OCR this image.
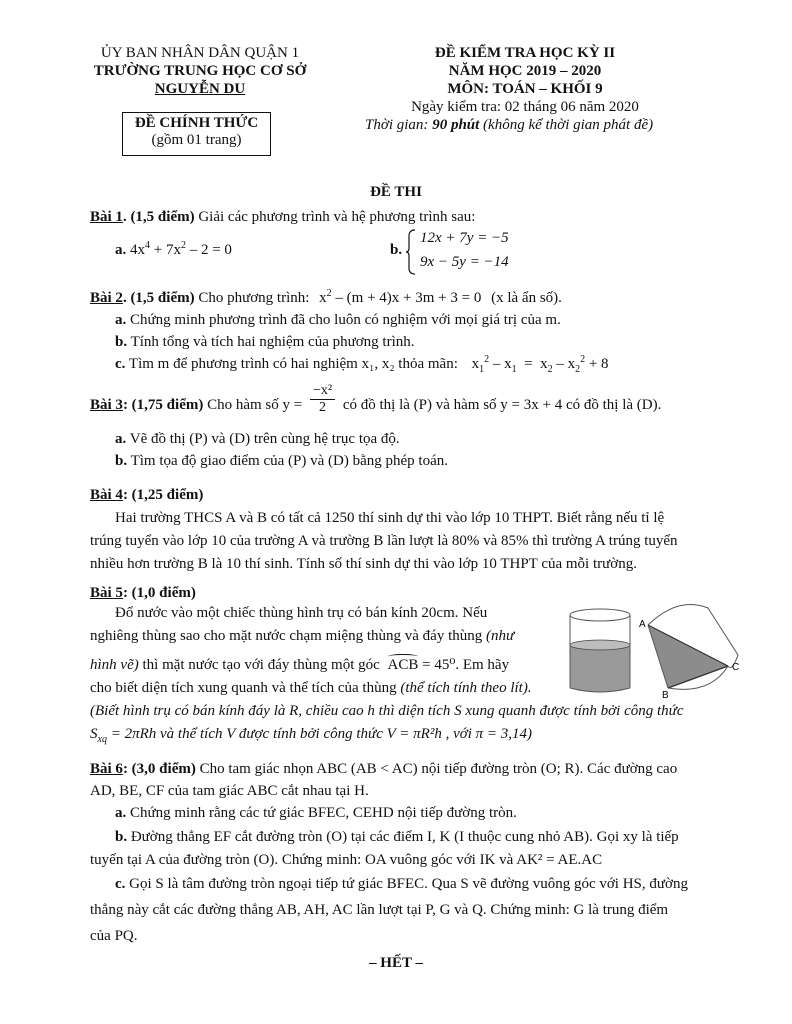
ỦY BAN NHÂN DÂN QUẬN 1
TRƯỜNG TRUNG HỌC CƠ SỞ
NGUYỄN DU
ĐỀ CHÍNH THỨC
(gồm 01 trang)
ĐỀ KIỂM TRA HỌC KỲ II
NĂM HỌC 2019 – 2020
MÔN: TOÁN – KHỐI 9
Ngày kiểm tra: 02 tháng 06 năm 2020
Thời gian: 90 phút (không kể thời gian phát đề)
ĐỀ THI
Bài 1. (1,5 điểm) Giải các phương trình và hệ phương trình sau:
a. $4x^4 + 7x^2 - 2 = 0$	b.
12x + 7y = −5
9x − 5y = −14
Bài 2. (1,5 điểm) Cho phương trình: $x^2 - (m + 4)x + 3m + 3 = 0$ (x là ẩn số).
a. Chứng minh phương trình đã cho luôn có nghiệm với mọi giá trị của m.
b. Tính tổng và tích hai nghiệm của phương trình.
c. Tìm m để phương trình có hai nghiệm x₁, x₂ thỏa mãn: $x_1^2 - x_1 = x_2 - x_2^2 + 8$
Bài 3: (1,75 điểm) Cho hàm số $y = \frac{\text{−x²}}{2}$ có đồ thị là (P) và hàm số y = 3x + 4 có đồ thị là (D).
a. Vẽ đồ thị (P) và (D) trên cùng hệ trục tọa độ.
b. Tìm tọa độ giao điểm của (P) và (D) bằng phép toán.
Bài 4: (1,25 điểm)
Hai trường THCS A và B có tất cả 1250 thí sinh dự thi vào lớp 10 THPT. Biết rằng nếu tỉ lệ
trúng tuyển vào lớp 10 của trường A và trường B lần lượt là 80% và 85% thì trường A trúng tuyển
nhiều hơn trường B là 10 thí sinh. Tính số thí sinh dự thi vào lớp 10 THPT của mỗi trường.
Bài 5: (1,0 điểm)
Đổ nước vào một chiếc thùng hình trụ có bán kính 20cm. Nếu
nghiêng thùng sao cho mặt nước chạm miệng thùng và đáy thùng (như
hình vẽ) thì mặt nước tạo với đáy thùng một góc ACB = 45⁰. Em hãy
cho biết diện tích xung quanh và thể tích của thùng (thể tích tính theo lít).
(Biết hình trụ có bán kính đáy là R, chiều cao h thì diện tích S xung quanh được tính bởi công thức
$S_{xq} = 2\pi Rh$ và thể tích V được tính bởi công thức V = πR²h , với π = 3,14)
A
B
C
Bài 6: (3,0 điểm) Cho tam giác nhọn ABC (AB < AC) nội tiếp đường tròn (O; R). Các đường cao
AD, BE, CF của tam giác ABC cắt nhau tại H.
a. Chứng minh rằng các tứ giác BFEC, CEHD nội tiếp đường tròn.
b. Đường thẳng EF cắt đường tròn (O) tại các điểm I, K (I thuộc cung nhỏ AB). Gọi xy là tiếp
tuyến tại A của đường tròn (O). Chứng minh: OA vuông góc với IK và AK² = AE.AC
c. Gọi S là tâm đường tròn ngoại tiếp tứ giác BFEC. Qua S vẽ đường vuông góc với HS, đường
thẳng này cắt các đường thẳng AB, AH, AC lần lượt tại P, G và Q. Chứng minh: G là trung điểm
của PQ.
– HẾT –
